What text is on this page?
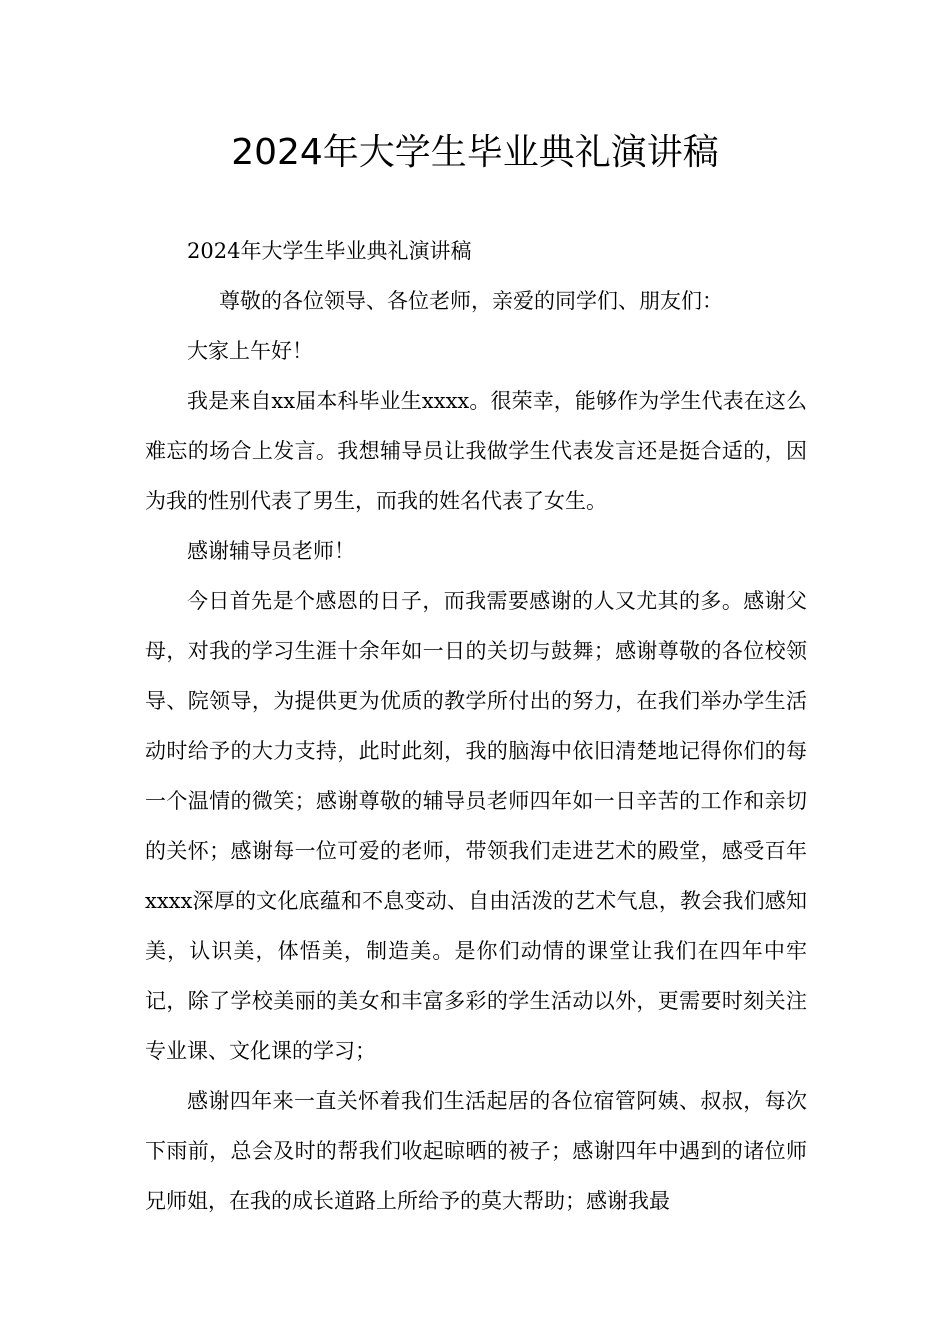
2024年大学生毕业典礼演讲稿

2024年大学生毕业典礼演讲稿

尊敬的各位领导、各位老师，亲爱的同学们、朋友们：

大家上午好！

我是来自xx届本科毕业生xxxx。很荣幸，能够作为学生代表在这么难忘的场合上发言。我想辅导员让我做学生代表发言还是挺合适的，因为我的性别代表了男生，而我的姓名代表了女生。

感谢辅导员老师！

今日首先是个感恩的日子，而我需要感谢的人又尤其的多。感谢父母，对我的学习生涯十余年如一日的关切与鼓舞；感谢尊敬的各位校领导、院领导，为提供更为优质的教学所付出的努力，在我们举办学生活动时给予的大力支持，此时此刻，我的脑海中依旧清楚地记得你们的每一个温情的微笑；感谢尊敬的辅导员老师四年如一日辛苦的工作和亲切的关怀；感谢每一位可爱的老师，带领我们走进艺术的殿堂，感受百年xxxx深厚的文化底蕴和不息变动、自由活泼的艺术气息，教会我们感知美，认识美，体悟美，制造美。是你们动情的课堂让我们在四年中牢记，除了学校美丽的美女和丰富多彩的学生活动以外，更需要时刻关注专业课、文化课的学习；

感谢四年来一直关怀着我们生活起居的各位宿管阿姨、叔叔，每次下雨前，总会及时的帮我们收起晾晒的被子；感谢四年中遇到的诸位师兄师姐，在我的成长道路上所给予的莫大帮助；感谢我最
